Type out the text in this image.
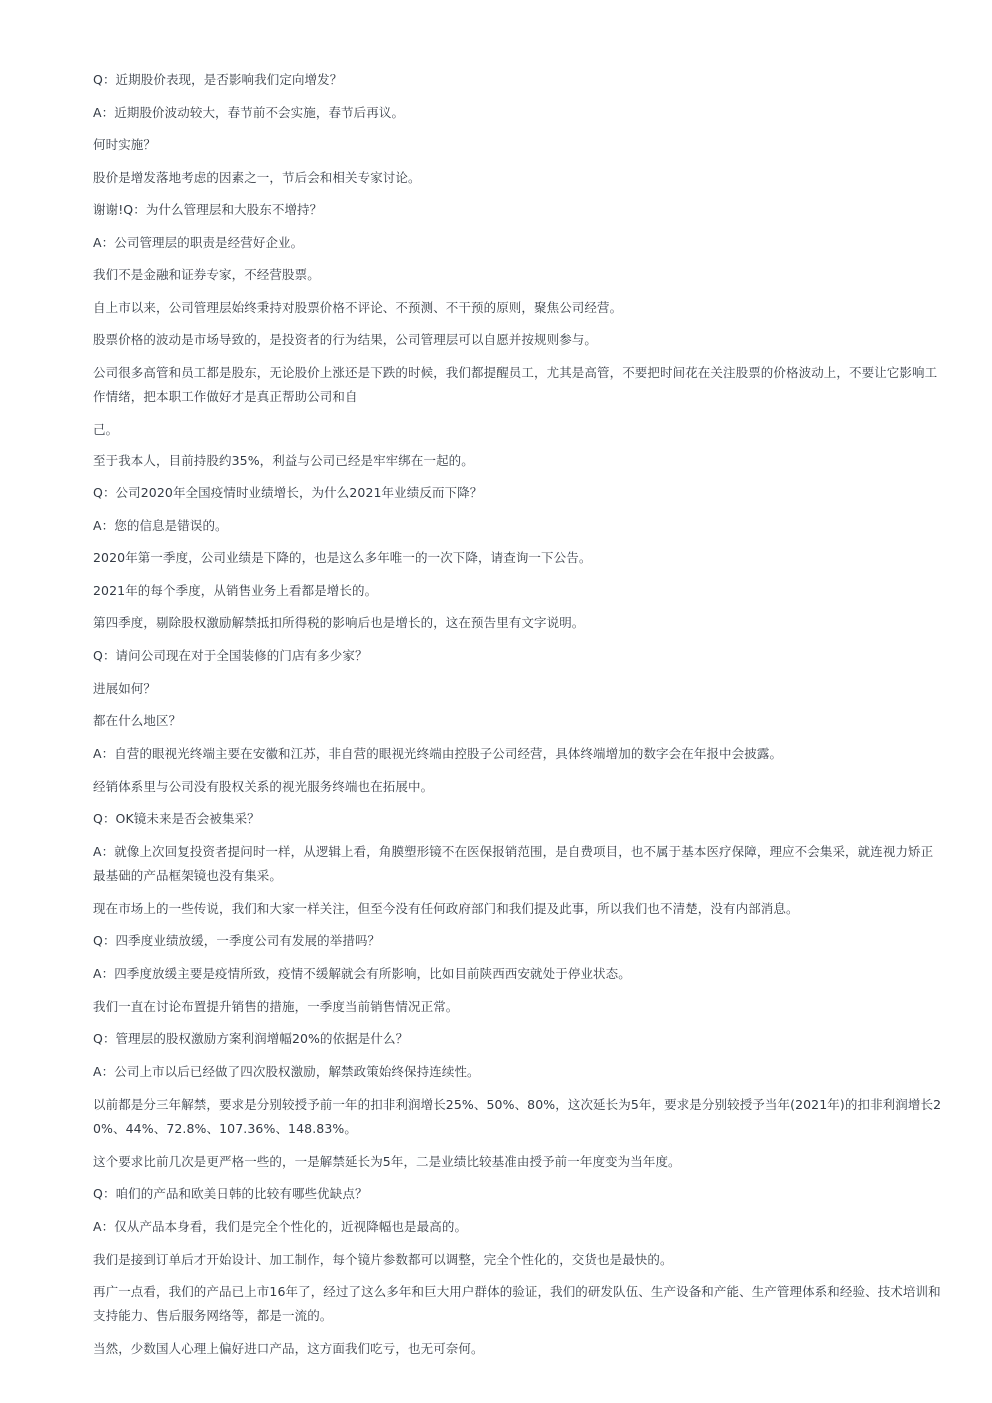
Q：近期股价表现，是否影响我们定向增发？

A：近期股价波动较大，春节前不会实施，春节后再议。

何时实施？

股价是增发落地考虑的因素之一，节后会和相关专家讨论。

谢谢!Q：为什么管理层和大股东不增持？

A：公司管理层的职责是经营好企业。

我们不是金融和证券专家，不经营股票。

自上市以来，公司管理层始终秉持对股票价格不评论、不预测、不干预的原则，聚焦公司经营。

股票价格的波动是市场导致的，是投资者的行为结果，公司管理层可以自愿并按规则参与。

公司很多高管和员工都是股东，无论股价上涨还是下跌的时候，我们都提醒员工，尤其是高管，不要把时间花在关注股票的价格波动上，不要让它影响工作情绪，把本职工作做好才是真正帮助公司和自

己。

至于我本人，目前持股约35%，利益与公司已经是牢牢绑在一起的。

Q：公司2020年全国疫情时业绩增长，为什么2021年业绩反而下降？

A：您的信息是错误的。

2020年第一季度，公司业绩是下降的，也是这么多年唯一的一次下降，请查询一下公告。

2021年的每个季度，从销售业务上看都是增长的。

第四季度，剔除股权激励解禁抵扣所得税的影响后也是增长的，这在预告里有文字说明。

Q：请问公司现在对于全国装修的门店有多少家？

进展如何？

都在什么地区？

A：自营的眼视光终端主要在安徽和江苏，非自营的眼视光终端由控股子公司经营，具体终端增加的数字会在年报中会披露。

经销体系里与公司没有股权关系的视光服务终端也在拓展中。

Q：OK镜未来是否会被集采？

A：就像上次回复投资者提问时一样，从逻辑上看，角膜塑形镜不在医保报销范围，是自费项目，也不属于基本医疗保障，理应不会集采，就连视力矫正最基础的产品框架镜也没有集采。

现在市场上的一些传说，我们和大家一样关注，但至今没有任何政府部门和我们提及此事，所以我们也不清楚，没有内部消息。

Q：四季度业绩放缓，一季度公司有发展的举措吗？

A：四季度放缓主要是疫情所致，疫情不缓解就会有所影响，比如目前陕西西安就处于停业状态。

我们一直在讨论布置提升销售的措施，一季度当前销售情况正常。

Q：管理层的股权激励方案利润增幅20%的依据是什么？

A：公司上市以后已经做了四次股权激励，解禁政策始终保持连续性。

以前都是分三年解禁，要求是分别较授予前一年的扣非利润增长25%、50%、80%，这次延长为5年，要求是分别较授予当年(2021年)的扣非利润增长20%、44%、72.8%、107.36%、148.83%。

这个要求比前几次是更严格一些的，一是解禁延长为5年，二是业绩比较基准由授予前一年度变为当年度。

Q：咱们的产品和欧美日韩的比较有哪些优缺点？

A：仅从产品本身看，我们是完全个性化的，近视降幅也是最高的。

我们是接到订单后才开始设计、加工制作，每个镜片参数都可以调整，完全个性化的，交货也是最快的。

再广一点看，我们的产品已上市16年了，经过了这么多年和巨大用户群体的验证，我们的研发队伍、生产设备和产能、生产管理体系和经验、技术培训和支持能力、售后服务网络等，都是一流的。

当然，少数国人心理上偏好进口产品，这方面我们吃亏，也无可奈何。
